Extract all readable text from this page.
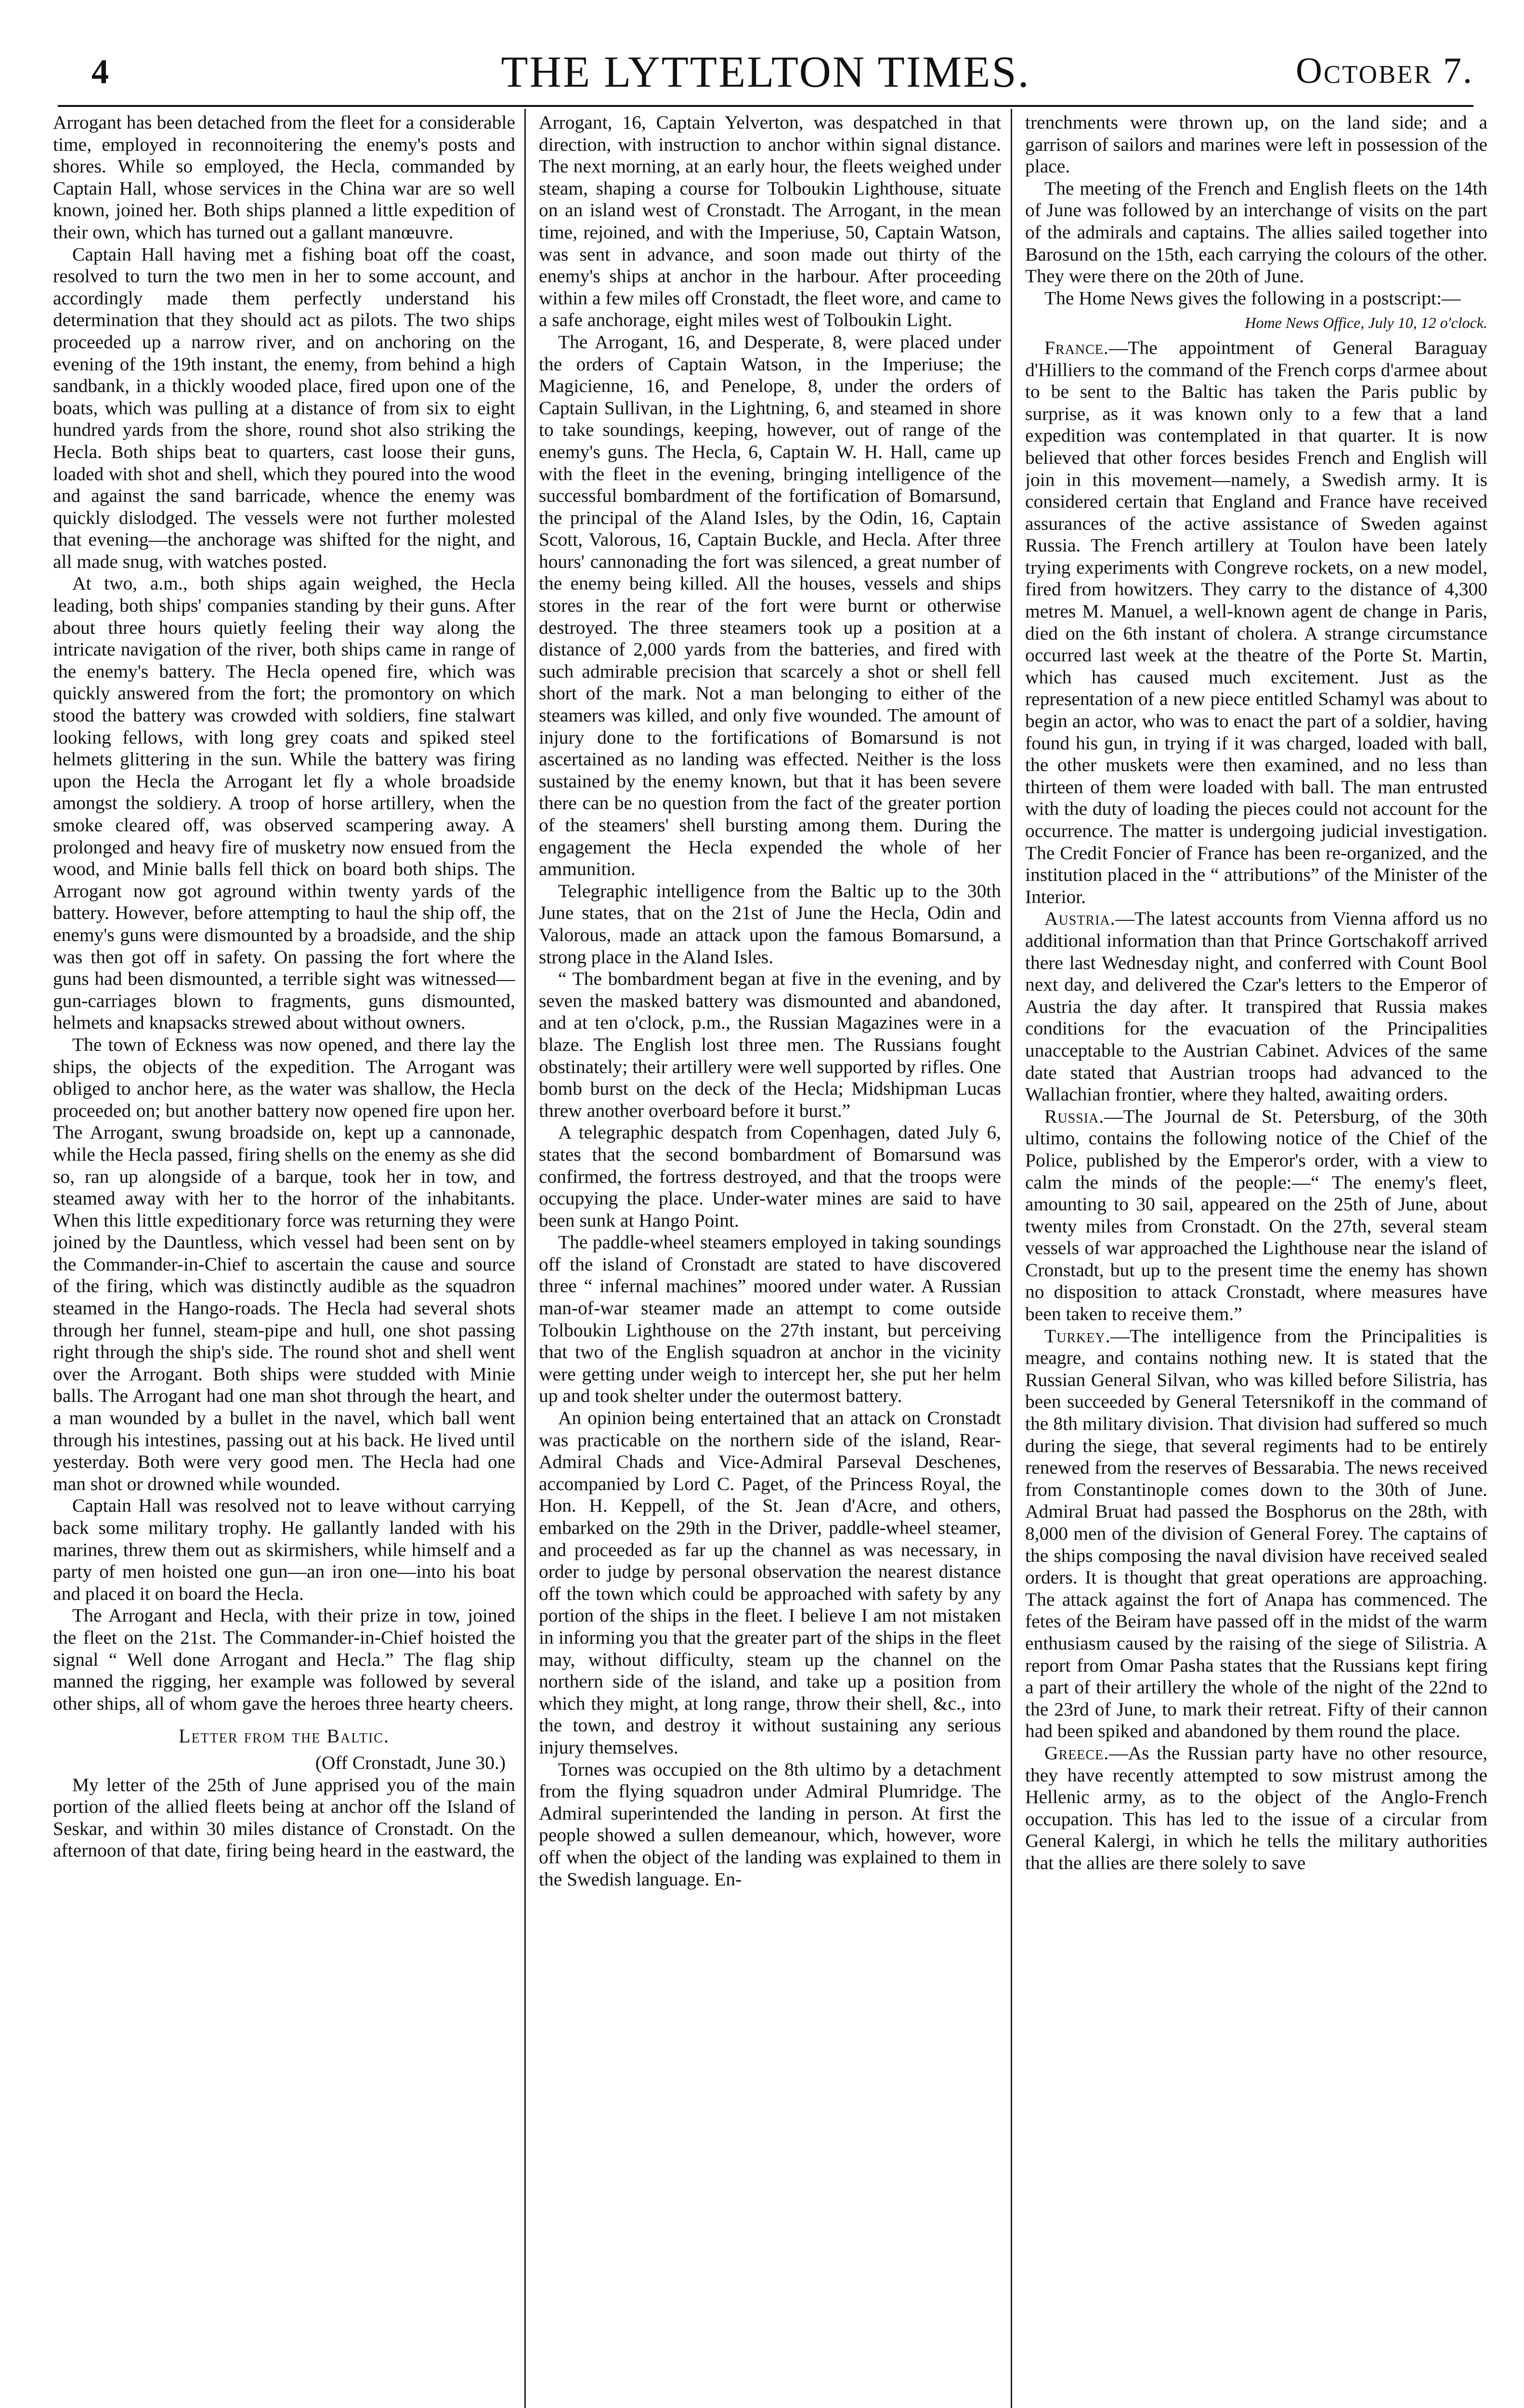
4	THE LYTTELTON TIMES.	October 7.

Arrogant has been detached from the fleet for a considerable time, employed in reconnoitering the enemy's posts and shores. While so employed, the Hecla, commanded by Captain Hall, whose services in the China war are so well known, joined her. Both ships planned a little expedition of their own, which has turned out a gallant manœuvre.

Captain Hall having met a fishing boat off the coast, resolved to turn the two men in her to some account, and accordingly made them perfectly understand his determination that they should act as pilots. The two ships proceeded up a narrow river, and on anchoring on the evening of the 19th instant, the enemy, from behind a high sandbank, in a thickly wooded place, fired upon one of the boats, which was pulling at a distance of from six to eight hundred yards from the shore, round shot also striking the Hecla. Both ships beat to quarters, cast loose their guns, loaded with shot and shell, which they poured into the wood and against the sand barricade, whence the enemy was quickly dislodged. The vessels were not further molested that evening—the anchorage was shifted for the night, and all made snug, with watches posted.

At two, a.m., both ships again weighed, the Hecla leading, both ships' companies standing by their guns. After about three hours quietly feeling their way along the intricate navigation of the river, both ships came in range of the enemy's battery. The Hecla opened fire, which was quickly answered from the fort; the promontory on which stood the battery was crowded with soldiers, fine stalwart looking fellows, with long grey coats and spiked steel helmets glittering in the sun. While the battery was firing upon the Hecla the Arrogant let fly a whole broadside amongst the soldiery. A troop of horse artillery, when the smoke cleared off, was observed scampering away. A prolonged and heavy fire of musketry now ensued from the wood, and Minie balls fell thick on board both ships. The Arrogant now got aground within twenty yards of the battery. However, before attempting to haul the ship off, the enemy's guns were dismounted by a broadside, and the ship was then got off in safety. On passing the fort where the guns had been dismounted, a terrible sight was witnessed—gun-carriages blown to fragments, guns dismounted, helmets and knapsacks strewed about without owners.

The town of Eckness was now opened, and there lay the ships, the objects of the expedition. The Arrogant was obliged to anchor here, as the water was shallow, the Hecla proceeded on; but another battery now opened fire upon her. The Arrogant, swung broadside on, kept up a cannonade, while the Hecla passed, firing shells on the enemy as she did so, ran up alongside of a barque, took her in tow, and steamed away with her to the horror of the inhabitants. When this little expeditionary force was returning they were joined by the Dauntless, which vessel had been sent on by the Commander-in-Chief to ascertain the cause and source of the firing, which was distinctly audible as the squadron steamed in the Hango-roads. The Hecla had several shots through her funnel, steam-pipe and hull, one shot passing right through the ship's side. The round shot and shell went over the Arrogant. Both ships were studded with Minie balls. The Arrogant had one man shot through the heart, and a man wounded by a bullet in the navel, which ball went through his intestines, passing out at his back. He lived until yesterday. Both were very good men. The Hecla had one man shot or drowned while wounded.

Captain Hall was resolved not to leave without carrying back some military trophy. He gallantly landed with his marines, threw them out as skirmishers, while himself and a party of men hoisted one gun—an iron one—into his boat and placed it on board the Hecla.

The Arrogant and Hecla, with their prize in tow, joined the fleet on the 21st. The Commander-in-Chief hoisted the signal “ Well done Arrogant and Hecla.” The flag ship manned the rigging, her example was followed by several other ships, all of whom gave the heroes three hearty cheers.

Letter from the Baltic.

(Off Cronstadt, June 30.)

My letter of the 25th of June apprised you of the main portion of the allied fleets being at anchor off the Island of Seskar, and within 30 miles distance of Cronstadt. On the afternoon of that date, firing being heard in the eastward, the

Arrogant, 16, Captain Yelverton, was despatched in that direction, with instruction to anchor within signal distance. The next morning, at an early hour, the fleets weighed under steam, shaping a course for Tolboukin Lighthouse, situate on an island west of Cronstadt. The Arrogant, in the mean time, rejoined, and with the Imperiuse, 50, Captain Watson, was sent in advance, and soon made out thirty of the enemy's ships at anchor in the harbour. After proceeding within a few miles off Cronstadt, the fleet wore, and came to a safe anchorage, eight miles west of Tolboukin Light.

The Arrogant, 16, and Desperate, 8, were placed under the orders of Captain Watson, in the Imperiuse; the Magicienne, 16, and Penelope, 8, under the orders of Captain Sullivan, in the Lightning, 6, and steamed in shore to take soundings, keeping, however, out of range of the enemy's guns. The Hecla, 6, Captain W. H. Hall, came up with the fleet in the evening, bringing intelligence of the successful bombardment of the fortification of Bomarsund, the principal of the Aland Isles, by the Odin, 16, Captain Scott, Valorous, 16, Captain Buckle, and Hecla. After three hours' cannonading the fort was silenced, a great number of the enemy being killed. All the houses, vessels and ships stores in the rear of the fort were burnt or otherwise destroyed. The three steamers took up a position at a distance of 2,000 yards from the batteries, and fired with such admirable precision that scarcely a shot or shell fell short of the mark. Not a man belonging to either of the steamers was killed, and only five wounded. The amount of injury done to the fortifications of Bomarsund is not ascertained as no landing was effected. Neither is the loss sustained by the enemy known, but that it has been severe there can be no question from the fact of the greater portion of the steamers' shell bursting among them. During the engagement the Hecla expended the whole of her ammunition.

Telegraphic intelligence from the Baltic up to the 30th June states, that on the 21st of June the Hecla, Odin and Valorous, made an attack upon the famous Bomarsund, a strong place in the Aland Isles.

“ The bombardment began at five in the evening, and by seven the masked battery was dismounted and abandoned, and at ten o'clock, p.m., the Russian Magazines were in a blaze. The English lost three men. The Russians fought obstinately; their artillery were well supported by rifles. One bomb burst on the deck of the Hecla; Midshipman Lucas threw another overboard before it burst.”

A telegraphic despatch from Copenhagen, dated July 6, states that the second bombardment of Bomarsund was confirmed, the fortress destroyed, and that the troops were occupying the place. Under-water mines are said to have been sunk at Hango Point.

The paddle-wheel steamers employed in taking soundings off the island of Cronstadt are stated to have discovered three “ infernal machines” moored under water. A Russian man-of-war steamer made an attempt to come outside Tolboukin Lighthouse on the 27th instant, but perceiving that two of the English squadron at anchor in the vicinity were getting under weigh to intercept her, she put her helm up and took shelter under the outermost battery.

An opinion being entertained that an attack on Cronstadt was practicable on the northern side of the island, Rear-Admiral Chads and Vice-Admiral Parseval Deschenes, accompanied by Lord C. Paget, of the Princess Royal, the Hon. H. Keppell, of the St. Jean d'Acre, and others, embarked on the 29th in the Driver, paddle-wheel steamer, and proceeded as far up the channel as was necessary, in order to judge by personal observation the nearest distance off the town which could be approached with safety by any portion of the ships in the fleet. I believe I am not mistaken in informing you that the greater part of the ships in the fleet may, without difficulty, steam up the channel on the northern side of the island, and take up a position from which they might, at long range, throw their shell, &c., into the town, and destroy it without sustaining any serious injury themselves.

Tornes was occupied on the 8th ultimo by a detachment from the flying squadron under Admiral Plumridge. The Admiral superintended the landing in person. At first the people showed a sullen demeanour, which, however, wore off when the object of the landing was explained to them in the Swedish language. En-

trenchments were thrown up, on the land side; and a garrison of sailors and marines were left in possession of the place.

The meeting of the French and English fleets on the 14th of June was followed by an interchange of visits on the part of the admirals and captains. The allies sailed together into Barosund on the 15th, each carrying the colours of the other. They were there on the 20th of June.

The Home News gives the following in a postscript:—

Home News Office, July 10, 12 o'clock.

France.—The appointment of General Baraguay d'Hilliers to the command of the French corps d'armee about to be sent to the Baltic has taken the Paris public by surprise, as it was known only to a few that a land expedition was contemplated in that quarter. It is now believed that other forces besides French and English will join in this movement—namely, a Swedish army. It is considered certain that England and France have received assurances of the active assistance of Sweden against Russia. The French artillery at Toulon have been lately trying experiments with Congreve rockets, on a new model, fired from howitzers. They carry to the distance of 4,300 metres M. Manuel, a well-known agent de change in Paris, died on the 6th instant of cholera. A strange circumstance occurred last week at the theatre of the Porte St. Martin, which has caused much excitement. Just as the representation of a new piece entitled Schamyl was about to begin an actor, who was to enact the part of a soldier, having found his gun, in trying if it was charged, loaded with ball, the other muskets were then examined, and no less than thirteen of them were loaded with ball. The man entrusted with the duty of loading the pieces could not account for the occurrence. The matter is undergoing judicial investigation. The Credit Foncier of France has been re-organized, and the institution placed in the “ attributions” of the Minister of the Interior.

Austria.—The latest accounts from Vienna afford us no additional information than that Prince Gortschakoff arrived there last Wednesday night, and conferred with Count Bool next day, and delivered the Czar's letters to the Emperor of Austria the day after. It transpired that Russia makes conditions for the evacuation of the Principalities unacceptable to the Austrian Cabinet. Advices of the same date stated that Austrian troops had advanced to the Wallachian frontier, where they halted, awaiting orders.

Russia.—The Journal de St. Petersburg, of the 30th ultimo, contains the following notice of the Chief of the Police, published by the Emperor's order, with a view to calm the minds of the people:—“ The enemy's fleet, amounting to 30 sail, appeared on the 25th of June, about twenty miles from Cronstadt. On the 27th, several steam vessels of war approached the Lighthouse near the island of Cronstadt, but up to the present time the enemy has shown no disposition to attack Cronstadt, where measures have been taken to receive them.”

Turkey.—The intelligence from the Principalities is meagre, and contains nothing new. It is stated that the Russian General Silvan, who was killed before Silistria, has been succeeded by General Tetersnikoff in the command of the 8th military division. That division had suffered so much during the siege, that several regiments had to be entirely renewed from the reserves of Bessarabia. The news received from Constantinople comes down to the 30th of June. Admiral Bruat had passed the Bosphorus on the 28th, with 8,000 men of the division of General Forey. The captains of the ships composing the naval division have received sealed orders. It is thought that great operations are approaching. The attack against the fort of Anapa has commenced. The fetes of the Beiram have passed off in the midst of the warm enthusiasm caused by the raising of the siege of Silistria. A report from Omar Pasha states that the Russians kept firing a part of their artillery the whole of the night of the 22nd to the 23rd of June, to mark their retreat. Fifty of their cannon had been spiked and abandoned by them round the place.

Greece.—As the Russian party have no other resource, they have recently attempted to sow mistrust among the Hellenic army, as to the object of the Anglo-French occupation. This has led to the issue of a circular from General Kalergi, in which he tells the military authorities that the allies are there solely to save
